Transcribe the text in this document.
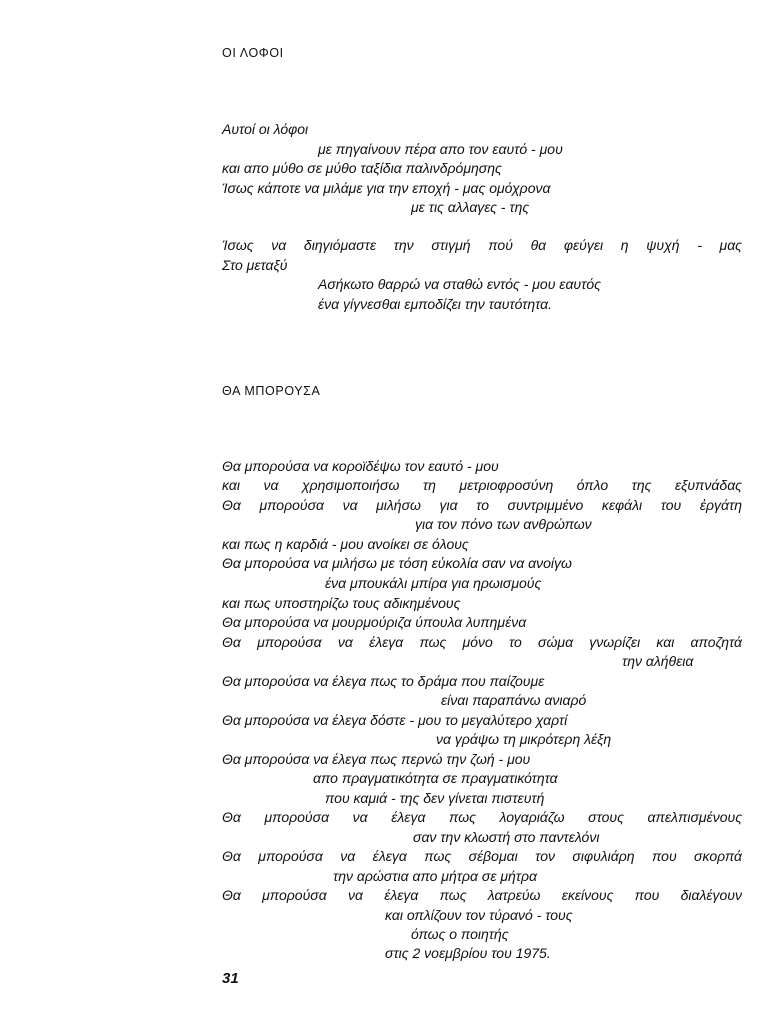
ΟΙ ΛΟΦΟΙ

Αυτοί οι λόφοι

με πηγαίνουν πέρα απο τον εαυτό - μου

και απο μύθο σε μύθο ταξίδια παλινδρόμησης

Ίσως κάποτε να μιλάμε για την εποχή - μας ομόχρονα

με τις αλλαγες - της

Ίσως να διηγιόμαστε την στιγμή πού θα φεύγει η ψυχή - μας

Στο μεταξύ

Ασήκωτο θαρρώ να σταθώ εντός - μου εαυτός

ένα γίγνεσθαι εμποδίζει την ταυτότητα.

ΘΑ ΜΠΟΡΟΥΣΑ

Θα μπορούσα να κοροϊδέψω τον εαυτό - μου

και να χρησιμοποιήσω τη μετριοφροσύνη όπλο της εξυπνάδας

Θα μπορούσα να μιλήσω για το συντριμμένο κεφάλι του ἐργάτη

για τον πόνο των ανθρώπων

και πως η καρδιά - μου ανοίκει σε όλους

Θα μπορούσα να μιλήσω με τόση εὐκολία σαν να ανοίγω

ένα μπουκάλι μπίρα για ηρωισμούς

και πως υποστηρίζω τους αδικημένους

Θα μπορούσα να μουρμούριζα ύπουλα λυπημένα

Θα μπορούσα να έλεγα πως μόνο το σώμα γνωρίζει και αποζητά

την αλήθεια

Θα μπορούσα να έλεγα πως το δράμα που παίζουμε

είναι παραπάνω ανιαρό

Θα μπορούσα να έλεγα δόστε - μου το μεγαλύτερο χαρτί

να γράψω τη μικρότερη λέξη

Θα μπορούσα να έλεγα πως περνώ την ζωή - μου

απο πραγματικότητα σε πραγματικότητα

που καμιά - της δεν γίνεται πιστευτή

Θα μπορούσα να έλεγα πως λογαριάζω στους απελπισμένους

σαν την κλωστή στο παντελόνι

Θα μπορούσα να έλεγα πως σέβομαι τον σιφυλιάρη που σκορπά

την αρώστια απο μήτρα σε μήτρα

Θα μπορούσα να έλεγα πως λατρεύω εκείνους που διαλέγουν

και οπλίζουν τον τύρανό - τους

όπως ο ποιητής

στις 2 νοεμβρίου του 1975.

31
